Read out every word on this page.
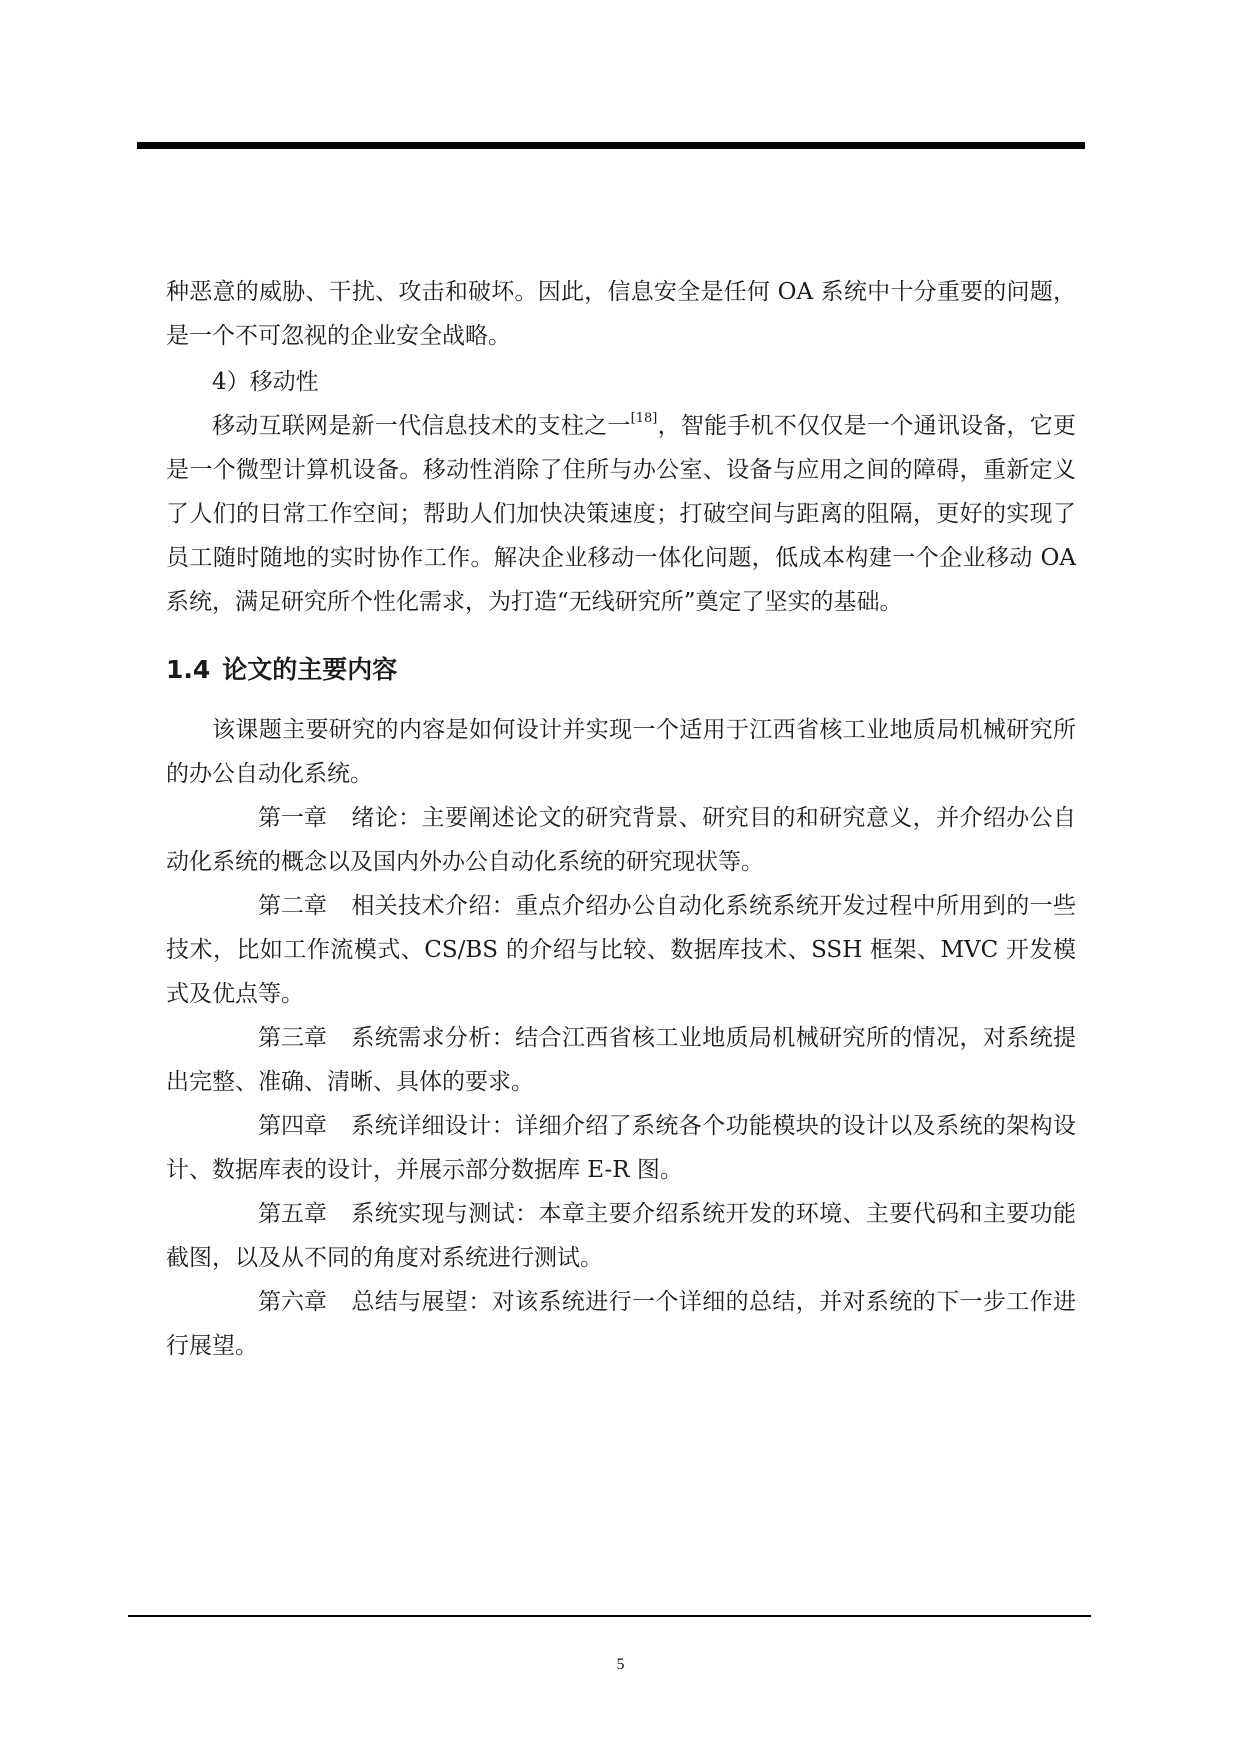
种恶意的威胁、干扰、攻击和破坏。因此，信息安全是任何 OA 系统中十分重要的问题，是一个不可忽视的企业安全战略。

4）移动性

移动互联网是新一代信息技术的支柱之一[18]，智能手机不仅仅是一个通讯设备，它更是一个微型计算机设备。移动性消除了住所与办公室、设备与应用之间的障碍，重新定义了人们的日常工作空间；帮助人们加快决策速度；打破空间与距离的阻隔，更好的实现了员工随时随地的实时协作工作。解决企业移动一体化问题，低成本构建一个企业移动 OA 系统，满足研究所个性化需求，为打造“无线研究所”奠定了坚实的基础。

1.4 论文的主要内容

该课题主要研究的内容是如何设计并实现一个适用于江西省核工业地质局机械研究所的办公自动化系统。

第一章 绪论：主要阐述论文的研究背景、研究目的和研究意义，并介绍办公自动化系统的概念以及国内外办公自动化系统的研究现状等。

第二章 相关技术介绍：重点介绍办公自动化系统系统开发过程中所用到的一些技术，比如工作流模式、CS/BS 的介绍与比较、数据库技术、SSH 框架、MVC 开发模式及优点等。

第三章 系统需求分析：结合江西省核工业地质局机械研究所的情况，对系统提出完整、准确、清晰、具体的要求。

第四章 系统详细设计：详细介绍了系统各个功能模块的设计以及系统的架构设计、数据库表的设计，并展示部分数据库 E-R 图。

第五章 系统实现与测试：本章主要介绍系统开发的环境、主要代码和主要功能截图，以及从不同的角度对系统进行测试。

第六章 总结与展望：对该系统进行一个详细的总结，并对系统的下一步工作进行展望。

5
